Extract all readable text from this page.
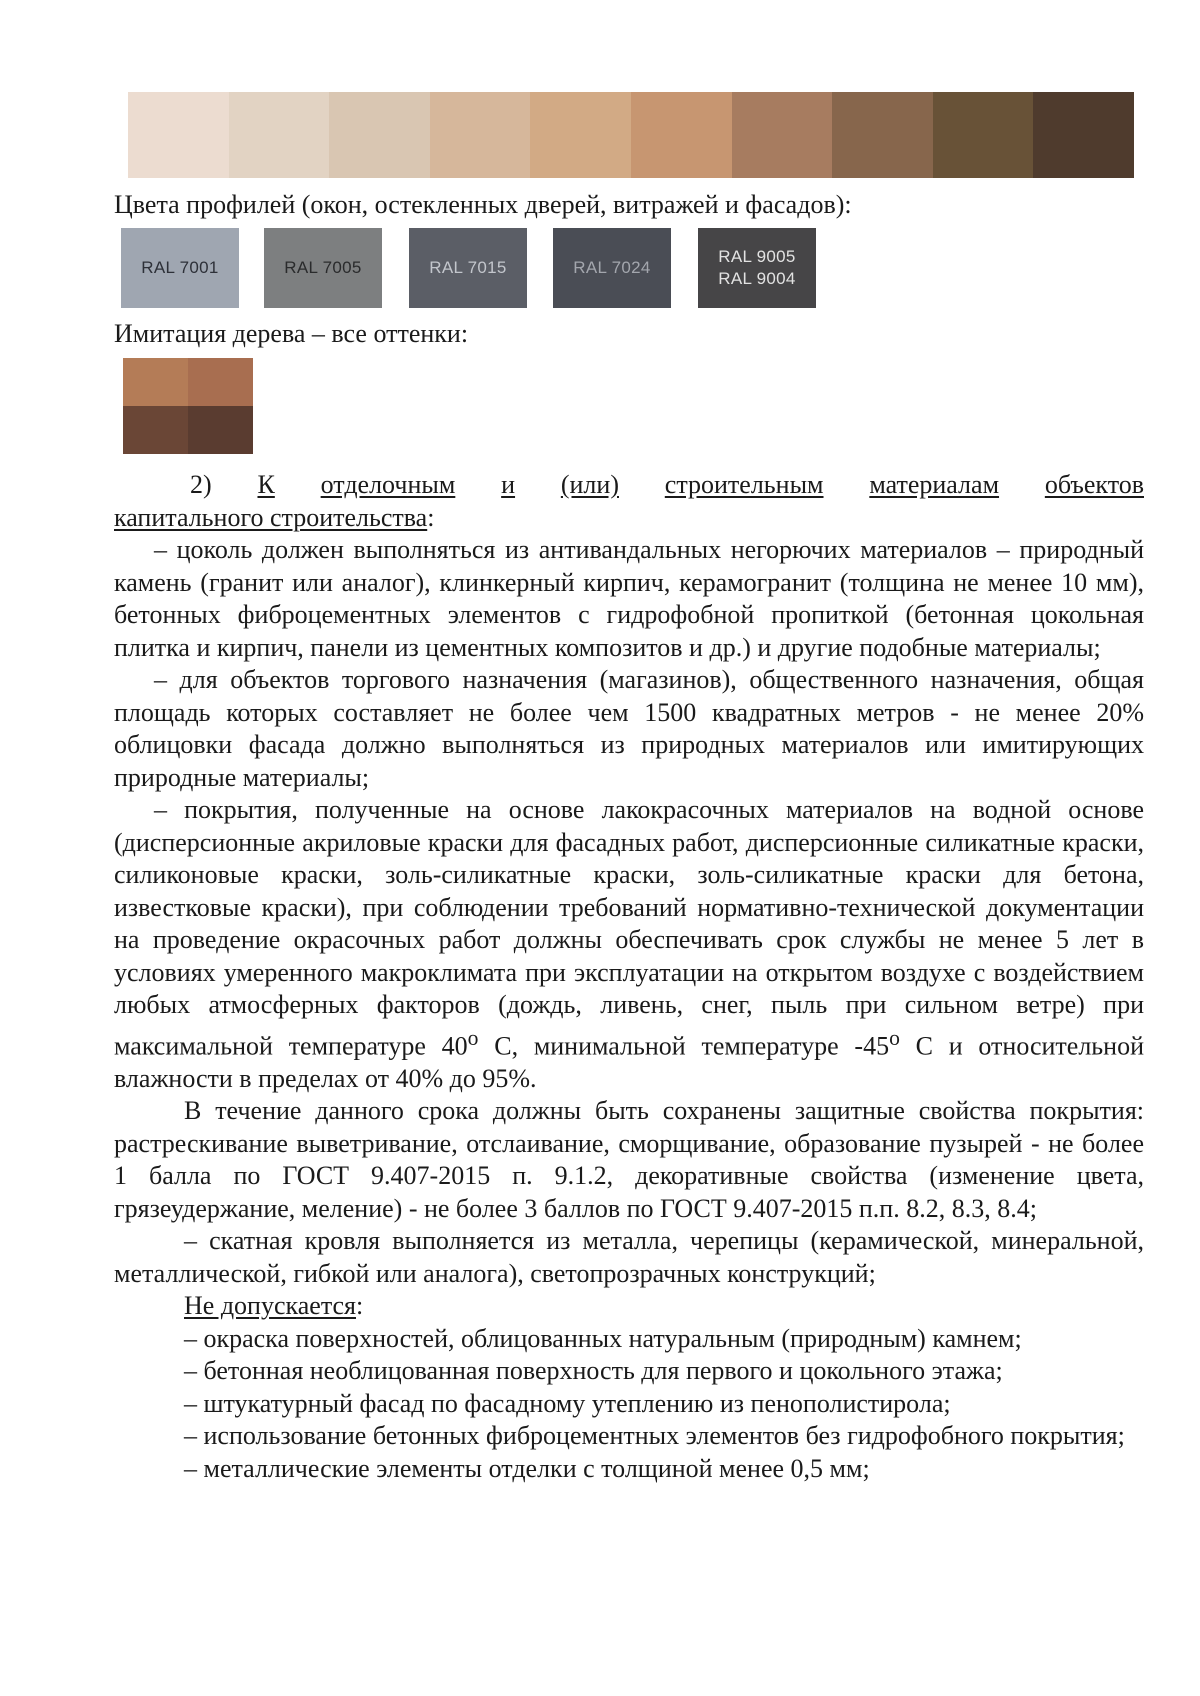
Цвета профилей (окон, остекленных дверей, витражей и фасадов):
RAL 7001	RAL 7005	RAL 7015	RAL 7024
RAL 9005
RAL 9004
Имитация дерева – все оттенки:
2) К отделочным и (или) строительным материалам объектов

капитального строительства:

– цоколь должен выполняться из антивандальных негорючих материалов – природный камень (гранит или аналог), клинкерный кирпич, керамогранит (толщина не менее 10 мм), бетонных фиброцементных элементов с гидрофобной пропиткой (бетонная цокольная плитка и кирпич, панели из цементных композитов и др.) и другие подобные материалы;

– для объектов торгового назначения (магазинов), общественного назначения, общая площадь которых составляет не более чем 1500 квадратных метров - не менее 20% облицовки фасада должно выполняться из природных материалов или имитирующих природные материалы;

– покрытия, полученные на основе лакокрасочных материалов на водной основе (дисперсионные акриловые краски для фасадных работ, дисперсионные силикатные краски, силиконовые краски, золь-силикатные краски, золь-силикатные краски для бетона, известковые краски), при соблюдении требований нормативно-технической документации на проведение окрасочных работ должны обеспечивать срок службы не менее 5 лет в условиях умеренного макроклимата при эксплуатации на открытом воздухе с воздействием любых атмосферных факторов (дождь, ливень, снег, пыль при сильном ветре) при максимальной температуре 40$^o$ С, минимальной температуре -45$^o$ С и относительной влажности в пределах от 40% до 95%.

В течение данного срока должны быть сохранены защитные свойства покрытия: растрескивание выветривание, отслаивание, сморщивание, образование пузырей - не более 1 балла по ГОСТ 9.407-2015 п. 9.1.2, декоративные свойства (изменение цвета, грязеудержание, меление) - не более 3 баллов по ГОСТ 9.407-2015 п.п. 8.2, 8.3, 8.4;

– скатная кровля выполняется из металла, черепицы (керамической, минеральной, металлической, гибкой или аналога), светопрозрачных конструкций;

Не допускается:

– окраска поверхностей, облицованных натуральным (природным) камнем;

– бетонная необлицованная поверхность для первого и цокольного этажа;

– штукатурный фасад по фасадному утеплению из пенополистирола;

– использование бетонных фиброцементных элементов без гидрофобного покрытия;

– металлические элементы отделки с толщиной менее 0,5 мм;
